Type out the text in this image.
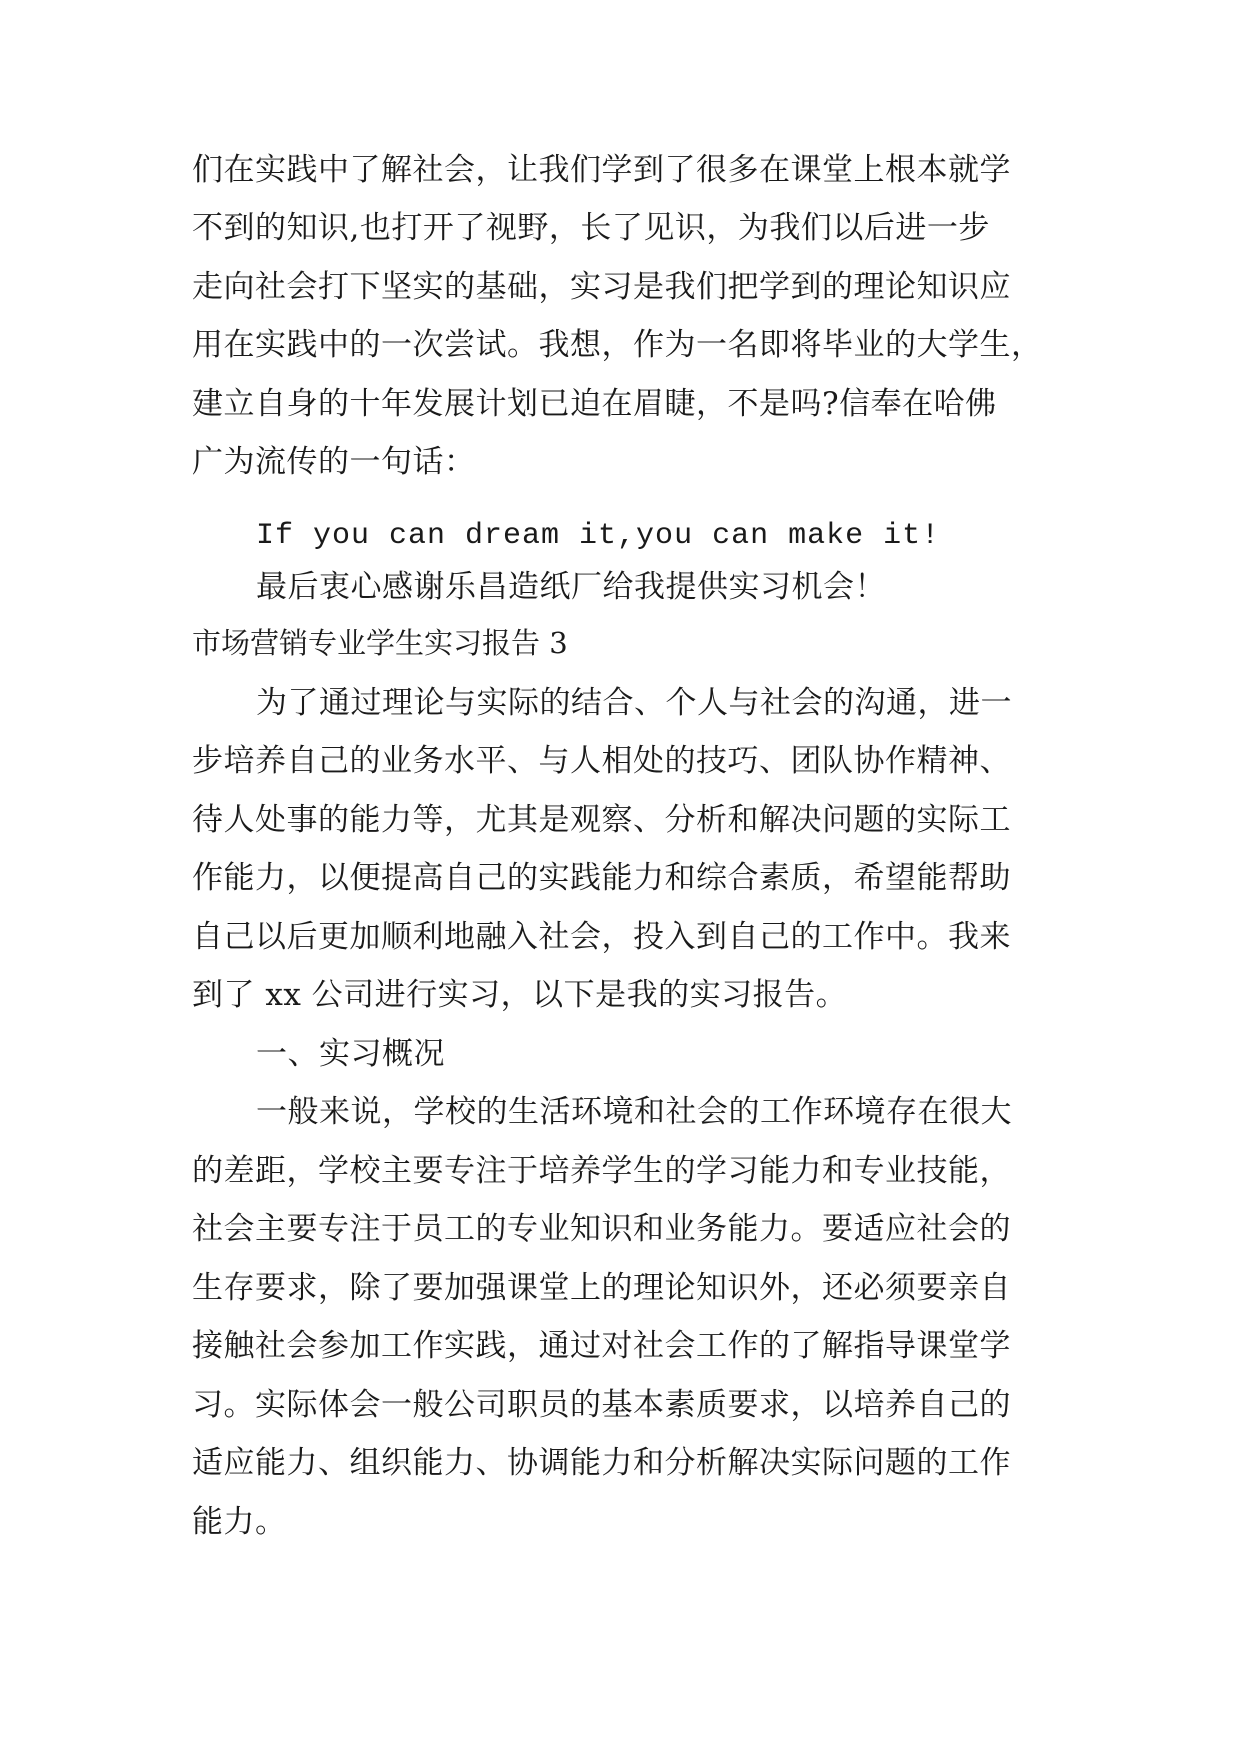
们在实践中了解社会，让我们学到了很多在课堂上根本就学
不到的知识,也打开了视野，长了见识，为我们以后进一步
走向社会打下坚实的基础，实习是我们把学到的理论知识应
用在实践中的一次尝试。我想，作为一名即将毕业的大学生，
建立自身的十年发展计划已迫在眉睫，不是吗?信奉在哈佛
广为流传的一句话：
If you can dream it,you can make it!
最后衷心感谢乐昌造纸厂给我提供实习机会！
市场营销专业学生实习报告 3
为了通过理论与实际的结合、个人与社会的沟通，进一
步培养自己的业务水平、与人相处的技巧、团队协作精神、
待人处事的能力等，尤其是观察、分析和解决问题的实际工
作能力，以便提高自己的实践能力和综合素质，希望能帮助
自己以后更加顺利地融入社会，投入到自己的工作中。我来
到了 xx 公司进行实习，以下是我的实习报告。
一、实习概况
一般来说，学校的生活环境和社会的工作环境存在很大
的差距，学校主要专注于培养学生的学习能力和专业技能，
社会主要专注于员工的专业知识和业务能力。要适应社会的
生存要求，除了要加强课堂上的理论知识外，还必须要亲自
接触社会参加工作实践，通过对社会工作的了解指导课堂学
习。实际体会一般公司职员的基本素质要求，以培养自己的
适应能力、组织能力、协调能力和分析解决实际问题的工作
能力。
